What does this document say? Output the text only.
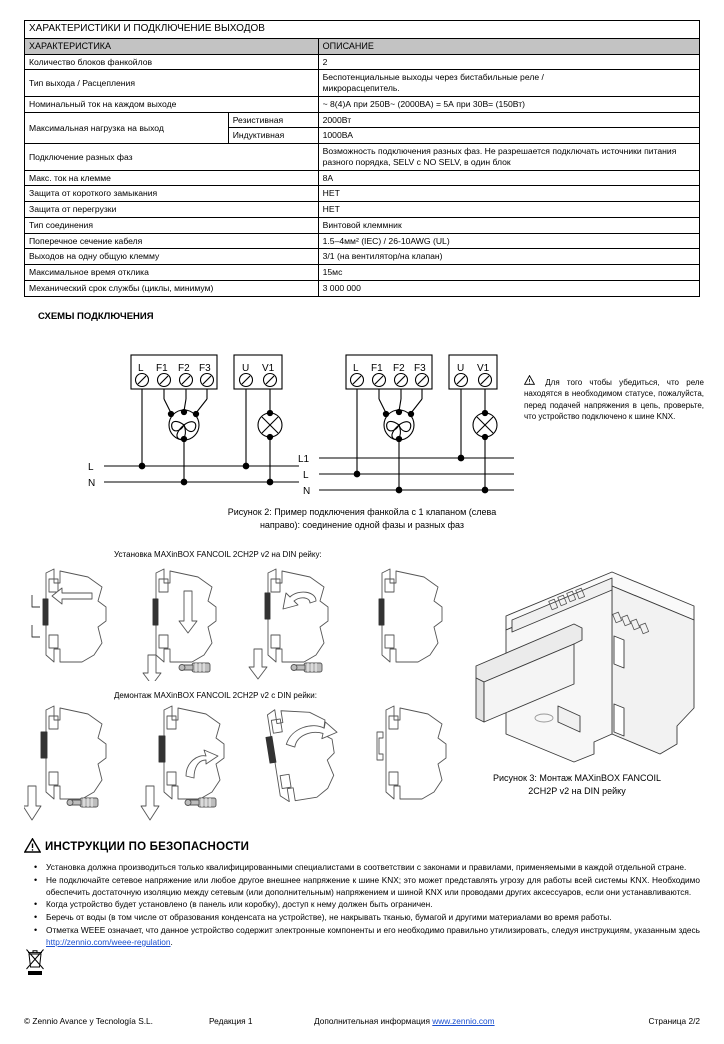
ХАРАКТЕРИСТИКИ И ПОДКЛЮЧЕНИЕ ВЫХОДОВ		
ХАРАКТЕРИСТИКА		ОПИСАНИЕ
Количество блоков фанкойлов		2
Тип выхода / Расцепления		Беспотенциальные выходы через бистабильные реле /
микрорасцепитель.

Номинальный ток на каждом выходе		~ 8(4)А при 250В~ (2000ВА) = 5А при 30В= (150Вт)
Максимальная нагрузка на выход	Резистивная	2000Вт
	Индуктивная	1000ВА
Подключение разных фаз		Возможность подключения разных фаз. Не разрешается подключать источники питания разного порядка, SELV с NO SELV, в один блок
Макс. ток на клемме		8А
Защита от короткого замыкания		НЕТ
Защита от перегрузки		НЕТ
Тип соединения		Винтовой клеммник
Поперечное сечение кабеля		1.5–4мм² (IEC) / 26-10AWG (UL)
Выходов на одну общую клемму		3/1 (на вентилятор/на клапан)
Максимальное время отклика		15мс
Механический срок службы (циклы, минимум)		3 000 000
СХЕМЫ ПОДКЛЮЧЕНИЯ
L F1 F2 F3	U V1
L
N
L F1 F2 F3	U V1
L1
L
N
Для того чтобы убедиться, что реле находятся в необходимом статусе, пожалуйста, перед подачей напряжения в цепь, проверьте, что устройство подключено к шине KNX.
Рисунок 2: Пример подключения фанкойла с 1 клапаном (слева
направо): соединение одной фазы и разных фаз
Установка MAXinBOX FANCOIL 2CH2P v2 на DIN рейку:
Демонтаж MAXinBOX FANCOIL 2CH2P v2 с DIN рейки:
Рисунок 3: Монтаж MAXinBOX FANCOIL
2CH2P v2 на DIN рейку
ИНСТРУКЦИИ ПО БЕЗОПАСНОСТИ
• Установка должна производиться только квалифицированными специалистами в соответствии с законами и правилами, применяемыми в каждой отдельной стране.
• Не подключайте сетевое напряжение или любое другое внешнее напряжение к шине KNX; это может представлять угрозу для работы всей системы KNX. Необходимо обеспечить достаточную изоляцию между сетевым (или дополнительным) напряжением и шиной KNX или проводами других аксессуаров, если они устанавливаются.
• Когда устройство будет установлено (в панель или коробку), доступ к нему должен быть ограничен.
• Беречь от воды (в том числе от образования конденсата на устройстве), не накрывать тканью, бумагой и другими материалами во время работы.
• Отметка WEEE означает, что данное устройство содержит электронные компоненты и его необходимо правильно утилизировать, следуя инструкциям, указанным здесь http://zennio.com/weee-regulation.
© Zennio Avance y Tecnología S.L.	Редакция 1	Дополнительная информация www.zennio.com	Страница 2/2
